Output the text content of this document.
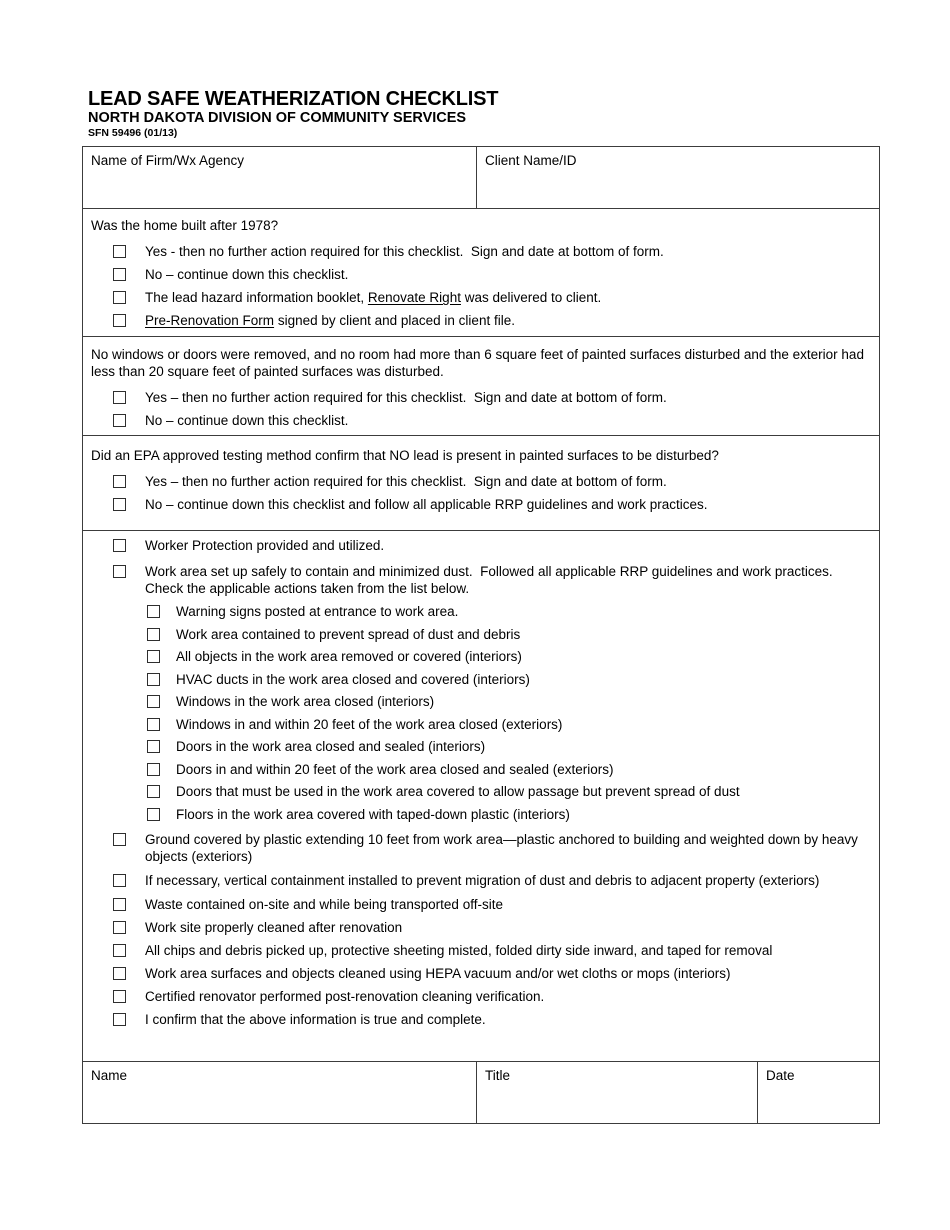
LEAD SAFE WEATHERIZATION CHECKLIST
NORTH DAKOTA DIVISION OF COMMUNITY SERVICES
SFN 59496 (01/13)
Name of Firm/Wx Agency	Client Name/ID
Was the home built after 1978?
Yes - then no further action required for this checklist.  Sign and date at bottom of form.
No – continue down this checklist.
The lead hazard information booklet, Renovate Right was delivered to client.
Pre-Renovation Form signed by client and placed in client file.
No windows or doors were removed, and no room had more than 6 square feet of painted surfaces disturbed and the exterior had less than 20 square feet of painted surfaces was disturbed.
Yes – then no further action required for this checklist.  Sign and date at bottom of form.
No – continue down this checklist.
Did an EPA approved testing method confirm that NO lead is present in painted surfaces to be disturbed?
Yes – then no further action required for this checklist.  Sign and date at bottom of form.
No – continue down this checklist and follow all applicable RRP guidelines and work practices.
Worker Protection provided and utilized.
Work area set up safely to contain and minimized dust.  Followed all applicable RRP guidelines and work practices.  Check the applicable actions taken from the list below.
Warning signs posted at entrance to work area.
Work area contained to prevent spread of dust and debris
All objects in the work area removed or covered (interiors)
HVAC ducts in the work area closed and covered (interiors)
Windows in the work area closed (interiors)
Windows in and within 20 feet of the work area closed (exteriors)
Doors in the work area closed and sealed (interiors)
Doors in and within 20 feet of the work area closed and sealed (exteriors)
Doors that must be used in the work area covered to allow passage but prevent spread of dust
Floors in the work area covered with taped-down plastic (interiors)
Ground covered by plastic extending 10 feet from work area—plastic anchored to building and weighted down by heavy objects (exteriors)
If necessary, vertical containment installed to prevent migration of dust and debris to adjacent property (exteriors)
Waste contained on-site and while being transported off-site
Work site properly cleaned after renovation
All chips and debris picked up, protective sheeting misted, folded dirty side inward, and taped for removal
Work area surfaces and objects cleaned using HEPA vacuum and/or wet cloths or mops (interiors)
Certified renovator performed post-renovation cleaning verification.
I confirm that the above information is true and complete.
Name	Title	Date
